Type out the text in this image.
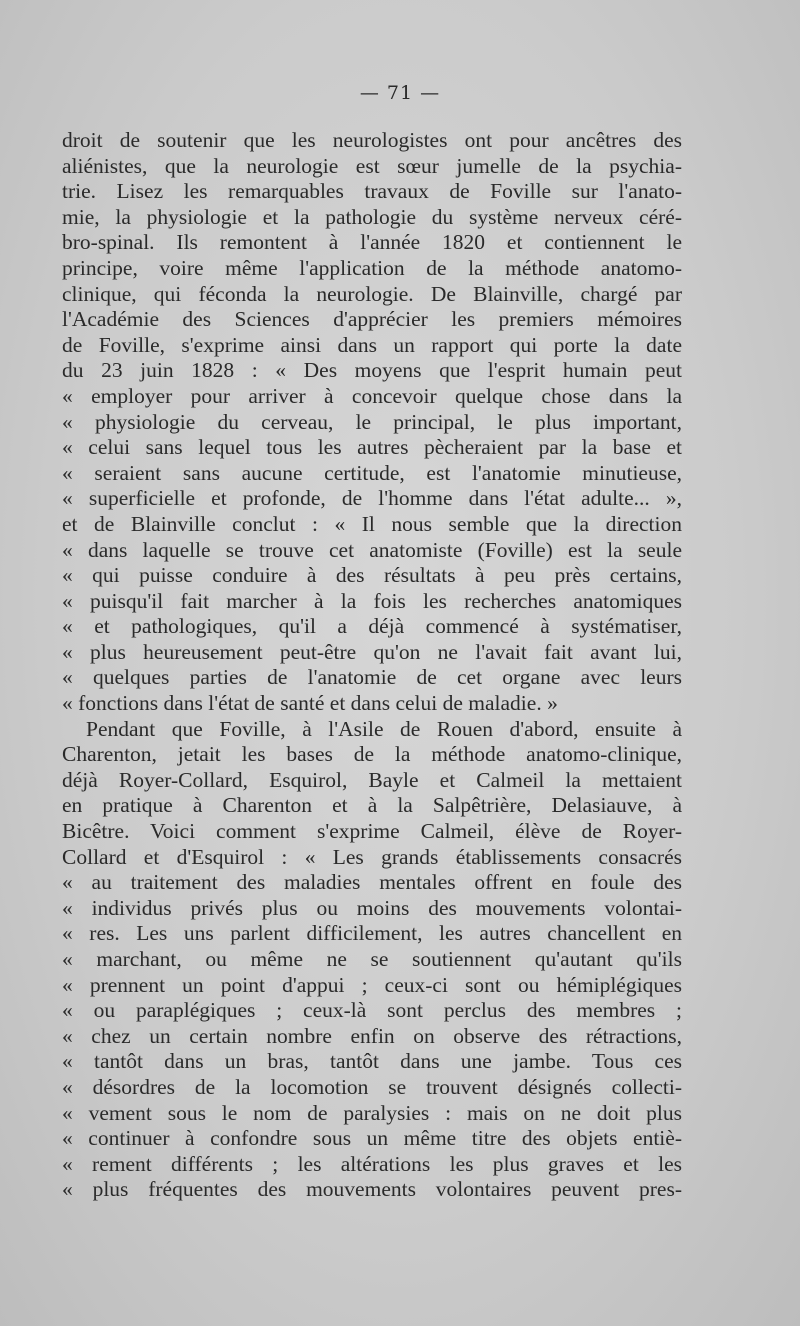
— 71 —
droit de soutenir que les neurologistes ont pour ancêtres des
aliénistes, que la neurologie est sœur jumelle de la psychia-
trie. Lisez les remarquables travaux de Foville sur l'anato-
mie, la physiologie et la pathologie du système nerveux céré-
bro-spinal. Ils remontent à l'année 1820 et contiennent le
principe, voire même l'application de la méthode anatomo-
clinique, qui féconda la neurologie. De Blainville, chargé par
l'Académie des Sciences d'apprécier les premiers mémoires
de Foville, s'exprime ainsi dans un rapport qui porte la date
du 23 juin 1828 : « Des moyens que l'esprit humain peut
« employer pour arriver à concevoir quelque chose dans la
« physiologie du cerveau, le principal, le plus important,
« celui sans lequel tous les autres pècheraient par la base et
« seraient sans aucune certitude, est l'anatomie minutieuse,
« superficielle et profonde, de l'homme dans l'état adulte... »,
et de Blainville conclut : « Il nous semble que la direction
« dans laquelle se trouve cet anatomiste (Foville) est la seule
« qui puisse conduire à des résultats à peu près certains,
« puisqu'il fait marcher à la fois les recherches anatomiques
« et pathologiques, qu'il a déjà commencé à systématiser,
« plus heureusement peut-être qu'on ne l'avait fait avant lui,
« quelques parties de l'anatomie de cet organe avec leurs
« fonctions dans l'état de santé et dans celui de maladie. »
Pendant que Foville, à l'Asile de Rouen d'abord, ensuite à
Charenton, jetait les bases de la méthode anatomo-clinique,
déjà Royer-Collard, Esquirol, Bayle et Calmeil la mettaient
en pratique à Charenton et à la Salpêtrière, Delasiauve, à
Bicêtre. Voici comment s'exprime Calmeil, élève de Royer-
Collard et d'Esquirol : « Les grands établissements consacrés
« au traitement des maladies mentales offrent en foule des
« individus privés plus ou moins des mouvements volontai-
« res. Les uns parlent difficilement, les autres chancellent en
« marchant, ou même ne se soutiennent qu'autant qu'ils
« prennent un point d'appui ; ceux-ci sont ou hémiplégiques
« ou paraplégiques ; ceux-là sont perclus des membres ;
« chez un certain nombre enfin on observe des rétractions,
« tantôt dans un bras, tantôt dans une jambe. Tous ces
« désordres de la locomotion se trouvent désignés collecti-
« vement sous le nom de paralysies : mais on ne doit plus
« continuer à confondre sous un même titre des objets entiè-
« rement différents ; les altérations les plus graves et les
« plus fréquentes des mouvements volontaires peuvent pres-
